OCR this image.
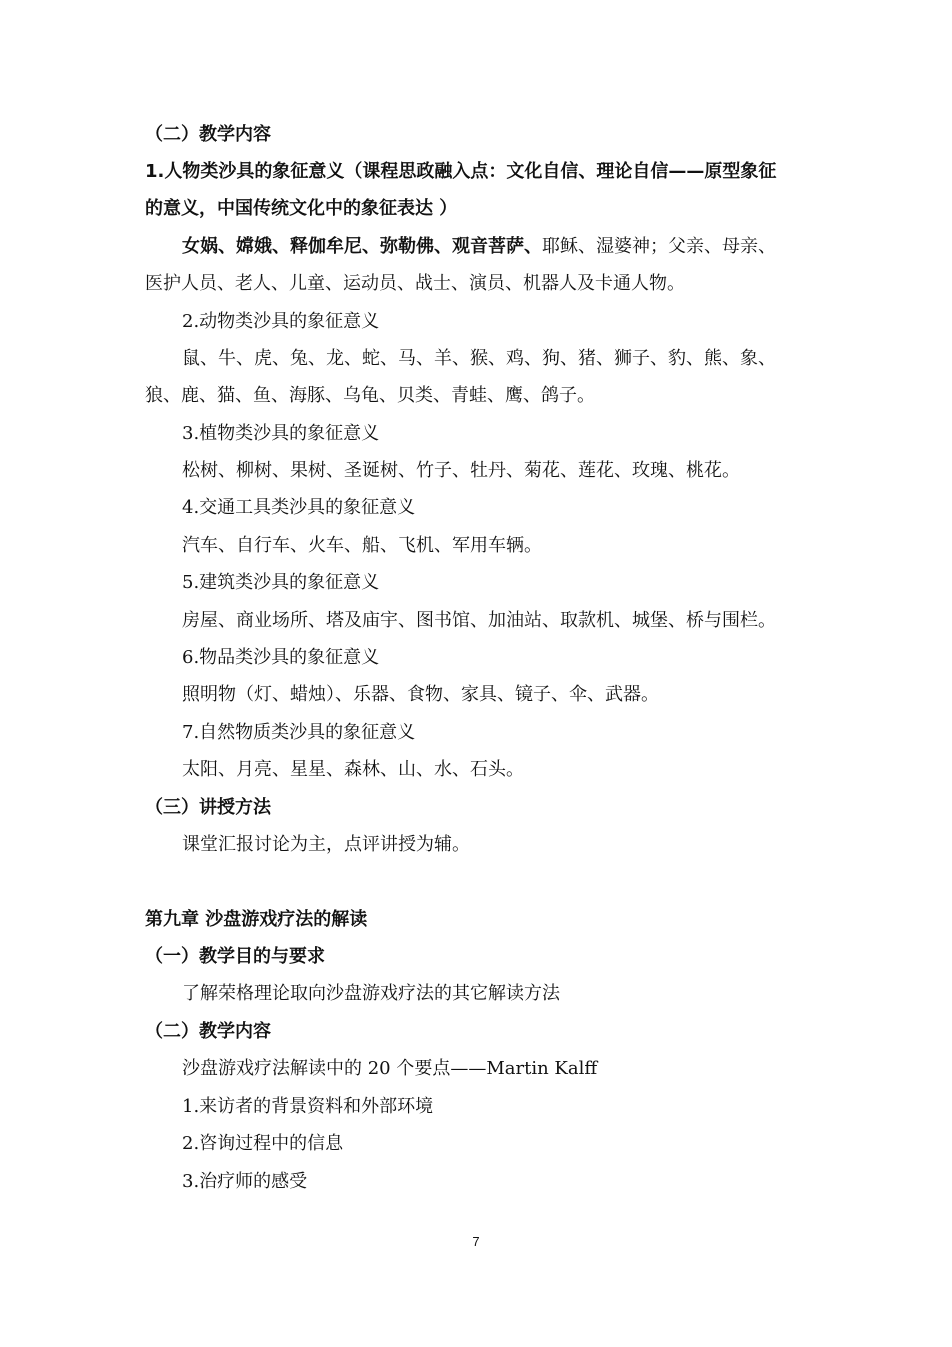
（二）教学内容
1.人物类沙具的象征意义（课程思政融入点：文化自信、理论自信——原型象征
的意义，中国传统文化中的象征表达 ）
女娲、嫦娥、释伽牟尼、弥勒佛、观音菩萨、耶稣、湿婆神；父亲、母亲、
医护人员、老人、儿童、运动员、战士、演员、机器人及卡通人物。
2.动物类沙具的象征意义
鼠、牛、虎、兔、龙、蛇、马、羊、猴、鸡、狗、猪、狮子、豹、熊、象、
狼、鹿、猫、鱼、海豚、乌龟、贝类、青蛙、鹰、鸽子。
3.植物类沙具的象征意义
松树、柳树、果树、圣诞树、竹子、牡丹、菊花、莲花、玫瑰、桃花。
4.交通工具类沙具的象征意义
汽车、自行车、火车、船、飞机、军用车辆。
5.建筑类沙具的象征意义
房屋、商业场所、塔及庙宇、图书馆、加油站、取款机、城堡、桥与围栏。
6.物品类沙具的象征意义
照明物（灯、蜡烛）、乐器、食物、家具、镜子、伞、武器。
7.自然物质类沙具的象征意义
太阳、月亮、星星、森林、山、水、石头。
（三）讲授方法
课堂汇报讨论为主，点评讲授为辅。
第九章 沙盘游戏疗法的解读
（一）教学目的与要求
了解荣格理论取向沙盘游戏疗法的其它解读方法
（二）教学内容
沙盘游戏疗法解读中的 20 个要点——Martin Kalff
1.来访者的背景资料和外部环境
2.咨询过程中的信息
3.治疗师的感受
7
